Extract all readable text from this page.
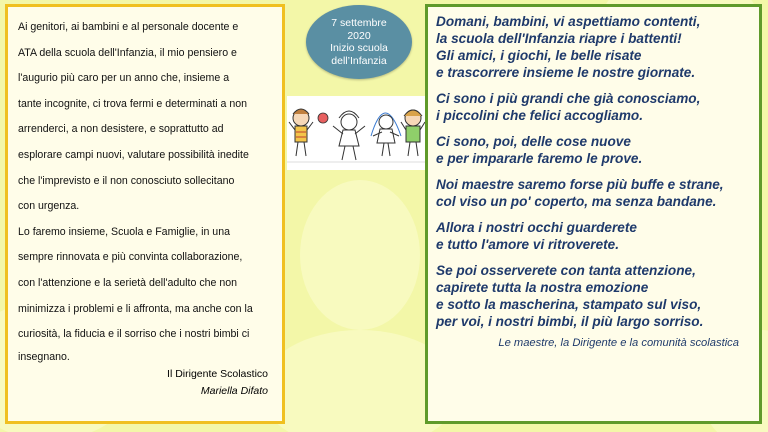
Ai genitori, ai bambini e al personale docente e

ATA della scuola dell'Infanzia, il mio pensiero e

l'augurio più caro per un anno che, insieme a

tante incognite, ci trova fermi e determinati a non

arrenderci, a non desistere, e soprattutto ad

esplorare campi nuovi, valutare possibilità inedite

che l'imprevisto e il non conosciuto sollecitano

con urgenza.

Lo faremo insieme, Scuola e Famiglie, in una

sempre rinnovata e più convinta collaborazione,

con l'attenzione e la serietà dell'adulto che non

minimizza i problemi e li affronta, ma anche con la

curiosità, la fiducia e il sorriso che i nostri bimbi ci

insegnano.

Il Dirigente Scolastico
Mariella Difato
7 settembre
2020
Inizio scuola
dell’Infanzia

Domani, bambini, vi aspettiamo contenti,
la scuola dell'Infanzia riapre i battenti!
Gli amici, i giochi, le belle risate
e trascorrere insieme le nostre giornate.

Ci sono i più grandi che già conosciamo,
i piccolini che felici accogliamo.

Ci sono, poi, delle cose nuove
e per impararle faremo le prove.

Noi maestre saremo forse più buffe e strane,
col viso un po' coperto, ma senza bandane.

Allora i nostri occhi guarderete
e tutto l'amore vi ritroverete.

Se poi osserverete con tanta attenzione,
capirete tutta la nostra emozione
e sotto la mascherina, stampato sul viso,
per voi, i nostri bimbi, il più largo sorriso.

Le maestre, la Dirigente e la comunità scolastica
